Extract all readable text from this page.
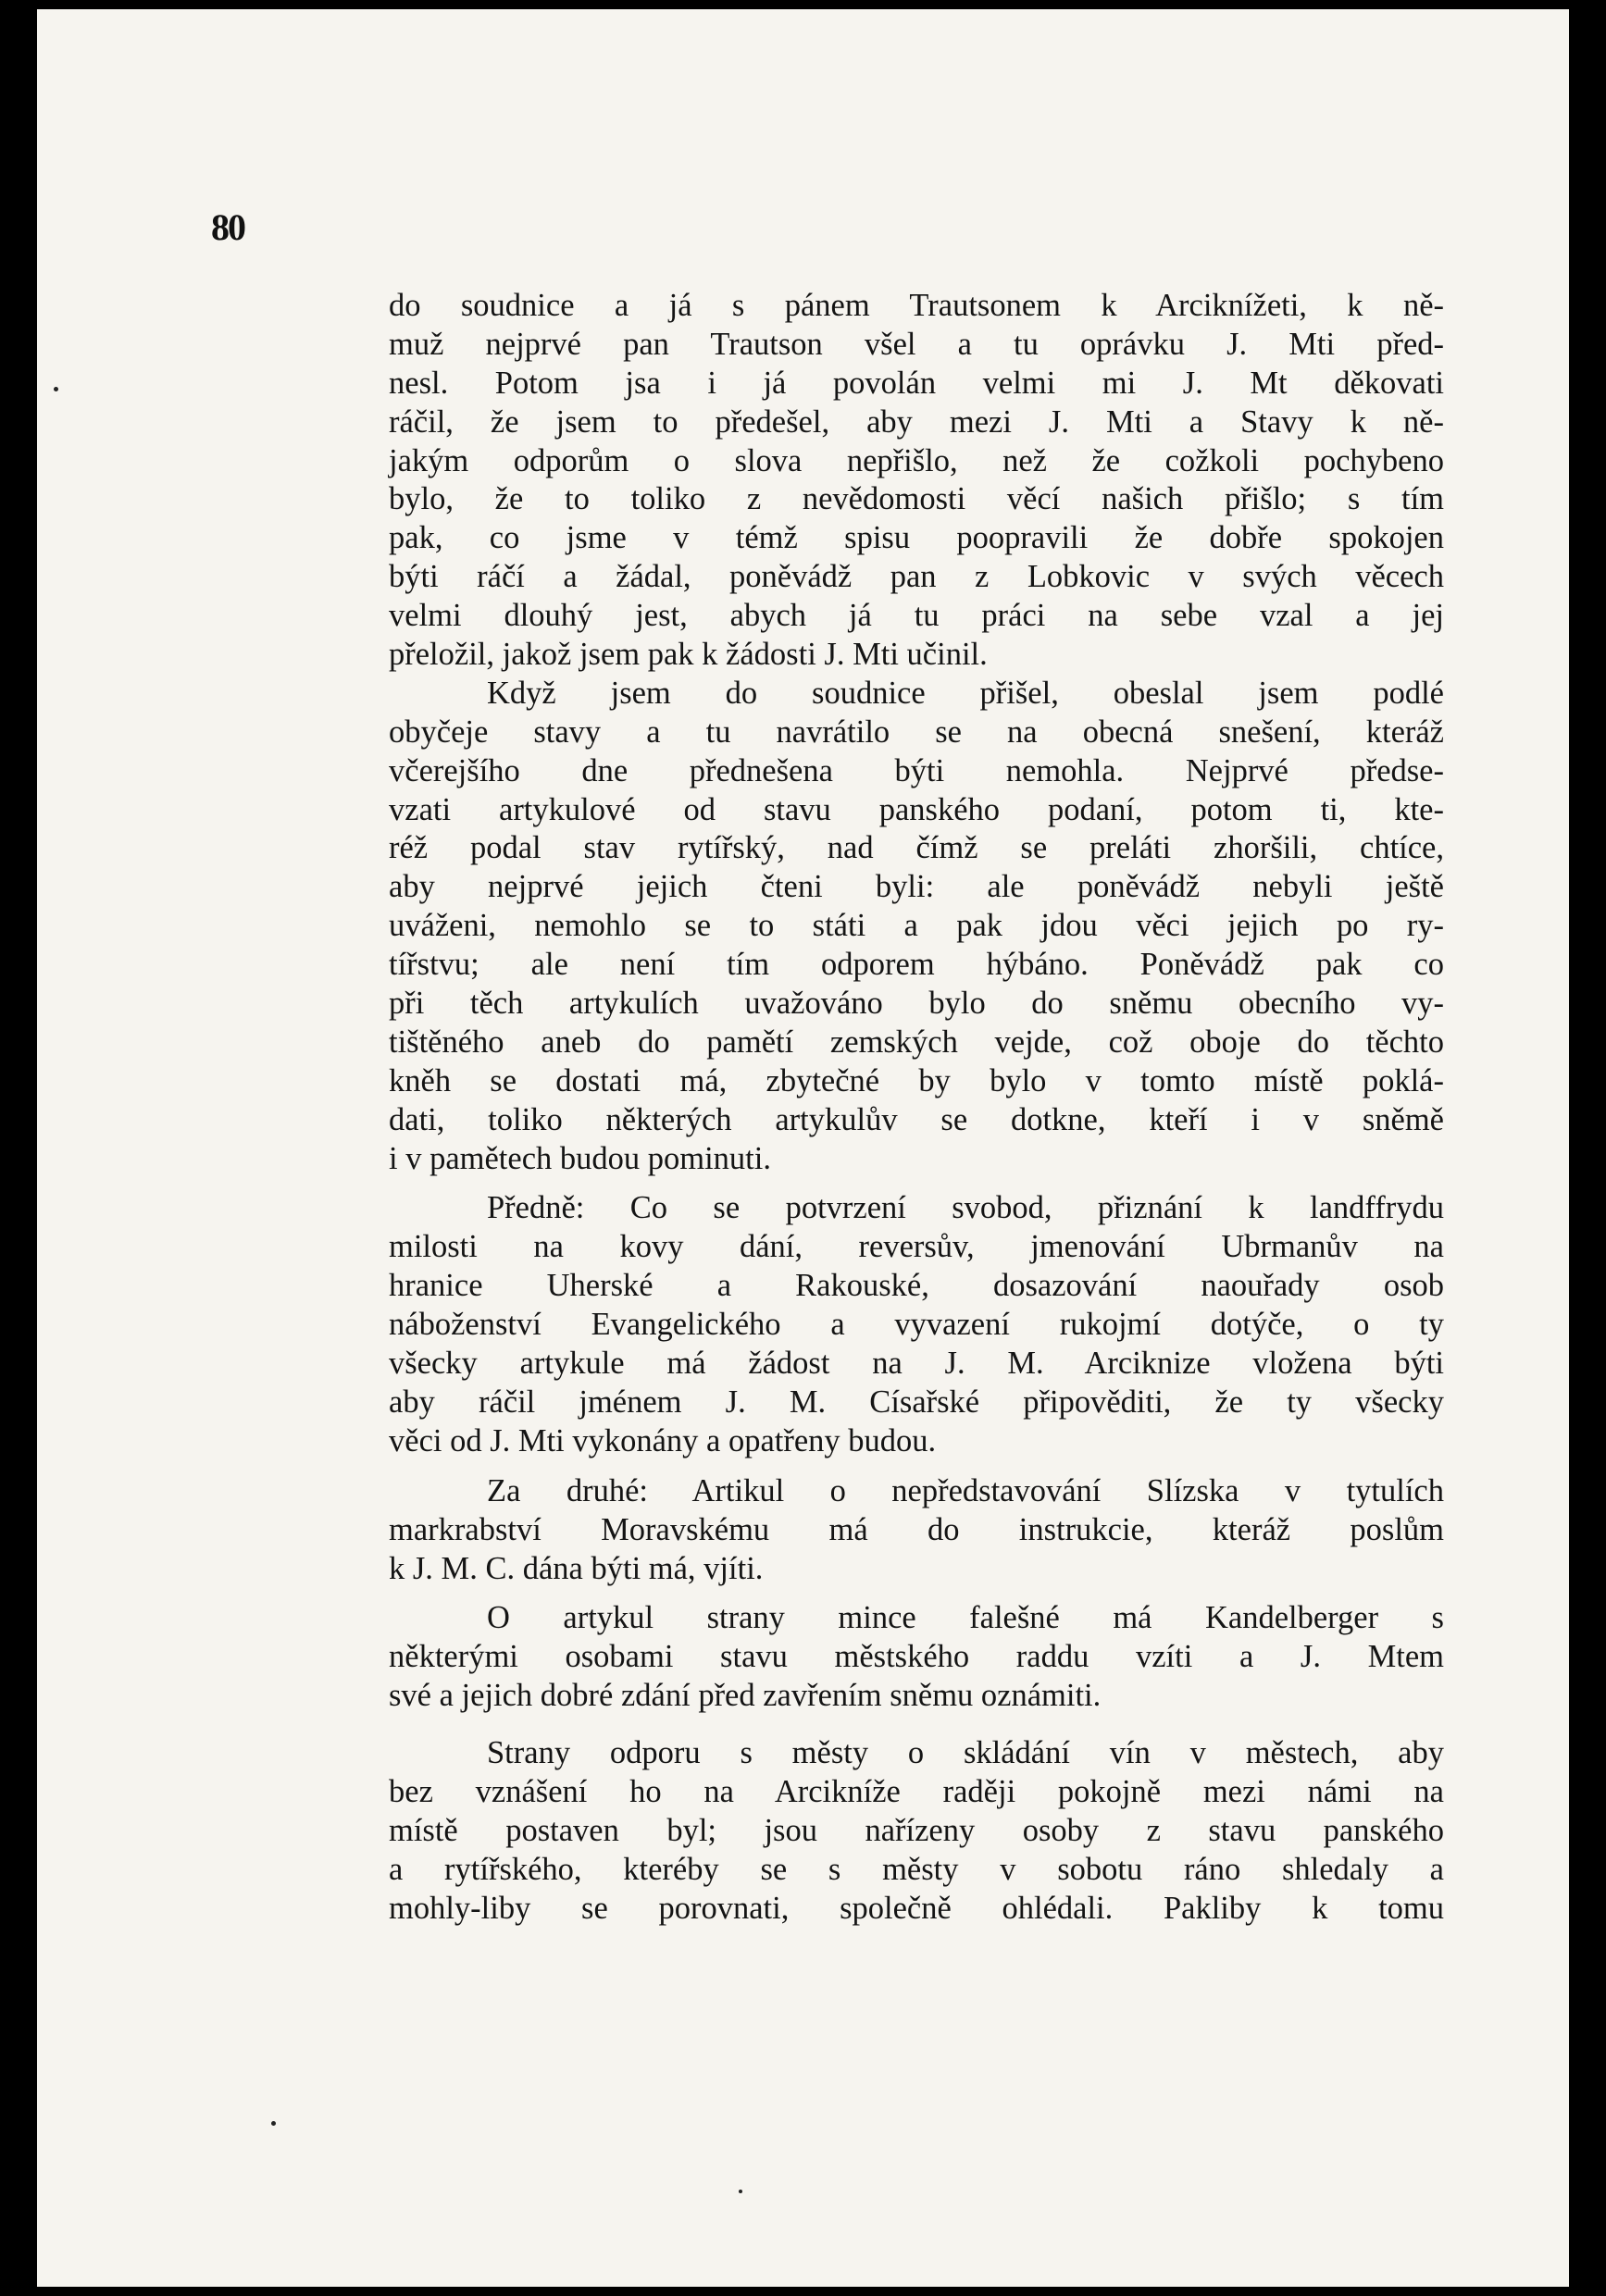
80
do soudnice a já s pánem Trautsonem k Arciknížeti, k ně-
muž nejprvé pan Trautson všel a tu oprávku J. Mti před-
nesl. Potom jsa i já povolán velmi mi J. Mt děkovati
ráčil, že jsem to předešel, aby mezi J. Mti a Stavy k ně-
jakým odporům o slova nepřišlo, než že cožkoli pochybeno
bylo, že to toliko z nevědomosti věcí našich přišlo; s tím
pak, co jsme v témž spisu poopravili že dobře spokojen
býti ráčí a žádal, poněvádž pan z Lobkovic v svých věcech
velmi dlouhý jest, abych já tu práci na sebe vzal a jej
přeložil, jakož jsem pak k žádosti J. Mti učinil.
Když jsem do soudnice přišel, obeslal jsem podlé
obyčeje stavy a tu navrátilo se na obecná snešení, kteráž
včerejšího dne přednešena býti nemohla. Nejprvé předse-
vzati artykulové od stavu panského podaní, potom ti, kte-
réž podal stav rytířský, nad čímž se preláti zhoršili, chtíce,
aby nejprvé jejich čteni byli: ale poněvádž nebyli ještě
uváženi, nemohlo se to státi a pak jdou věci jejich po ry-
tířstvu; ale není tím odporem hýbáno. Poněvádž pak co
při těch artykulích uvažováno bylo do sněmu obecního vy-
tištěného aneb do pamětí zemských vejde, což oboje do těchto
kněh se dostati má, zbytečné by bylo v tomto místě poklá-
dati, toliko některých artykulův se dotkne, kteří i v sněmě
i v pamětech budou pominuti.
Předně: Co se potvrzení svobod, přiznání k landffrydu
milosti na kovy dání, reversův, jmenování Ubrmanův na
hranice Uherské a Rakouské, dosazování naouřady osob
náboženství Evangelického a vyvazení rukojmí dotýče, o ty
všecky artykule má žádost na J. M. Arciknize vložena býti
aby ráčil jménem J. M. Císařské připověditi, že ty všecky
věci od J. Mti vykonány a opatřeny budou.
Za druhé: Artikul o nepředstavování Slízska v tytulích
markrabství Moravskému má do instrukcie, kteráž poslům
k J. M. C. dána býti má, vjíti.
O artykul strany mince falešné má Kandelberger s
některými osobami stavu městského raddu vzíti a J. Mtem
své a jejich dobré zdání před zavřením sněmu oznámiti.
Strany odporu s městy o skládání vín v městech, aby
bez vznášení ho na Arcikníže raději pokojně mezi námi na
místě postaven byl; jsou nařízeny osoby z stavu panského
a rytířského, kteréby se s městy v sobotu ráno shledaly a
mohly-liby se porovnati, společně ohlédali. Pakliby k tomu
